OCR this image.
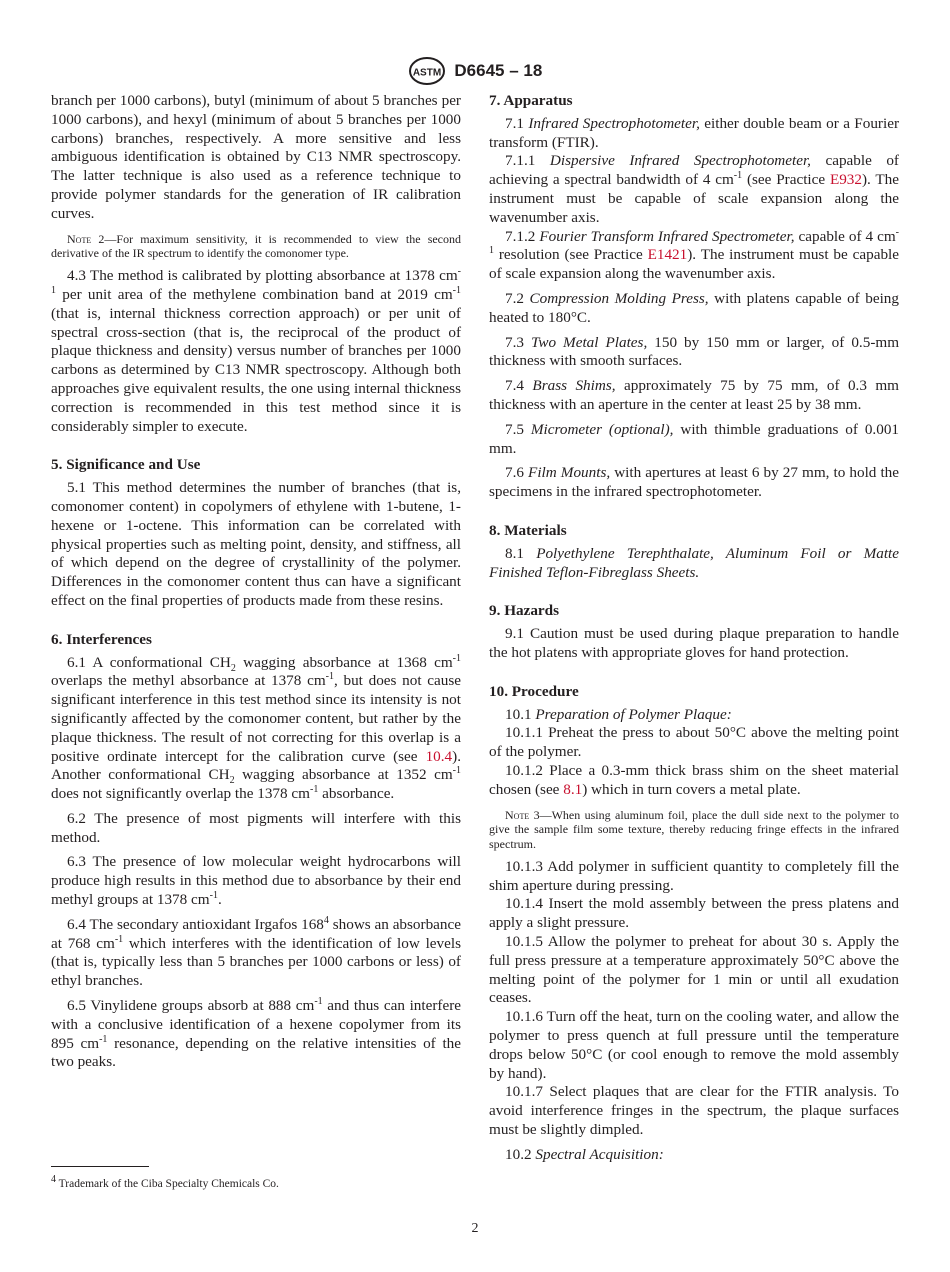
ASTM D6645 – 18

branch per 1000 carbons), butyl (minimum of about 5 branches per 1000 carbons), and hexyl (minimum of about 5 branches per 1000 carbons) branches, respectively. A more sensitive and less ambiguous identification is obtained by C13 NMR spectroscopy. The latter technique is also used as a reference technique to provide polymer standards for the generation of IR calibration curves.

Note 2—For maximum sensitivity, it is recommended to view the second derivative of the IR spectrum to identify the comonomer type.

4.3 The method is calibrated by plotting absorbance at 1378 $cm^{-1}$ per unit area of the methylene combination band at 2019 $cm^{-1}$ (that is, internal thickness correction approach) or per unit of spectral cross-section (that is, the reciprocal of the product of plaque thickness and density) versus number of branches per 1000 carbons as determined by C13 NMR spectroscopy. Although both approaches give equivalent results, the one using internal thickness correction is recommended in this test method since it is considerably simpler to execute.

5. Significance and Use

5.1 This method determines the number of branches (that is, comonomer content) in copolymers of ethylene with 1-butene, 1-hexene or 1-octene. This information can be correlated with physical properties such as melting point, density, and stiffness, all of which depend on the degree of crystallinity of the polymer. Differences in the comonomer content thus can have a significant effect on the final properties of products made from these resins.

6. Interferences

6.1 A conformational $CH_2$ wagging absorbance at 1368 $cm^{-1}$ overlaps the methyl absorbance at 1378 $cm^{-1}$, but does not cause significant interference in this test method since its intensity is not significantly affected by the comonomer content, but rather by the plaque thickness. The result of not correcting for this overlap is a positive ordinate intercept for the calibration curve (see 10.4). Another conformational $CH_2$ wagging absorbance at 1352 $cm^{-1}$ does not significantly overlap the 1378 $cm^{-1}$ absorbance.

6.2 The presence of most pigments will interfere with this method.

6.3 The presence of low molecular weight hydrocarbons will produce high results in this method due to absorbance by their end methyl groups at 1378 $cm^{-1}$.

6.4 The secondary antioxidant Irgafos $168^4$ shows an absorbance at 768 $cm^{-1}$ which interferes with the identification of low levels (that is, typically less than 5 branches per 1000 carbons or less) of ethyl branches.

6.5 Vinylidene groups absorb at 888 $cm^{-1}$ and thus can interfere with a conclusive identification of a hexene copolymer from its 895 $cm^{-1}$ resonance, depending on the relative intensities of the two peaks.

7. Apparatus

7.1 Infrared Spectrophotometer, either double beam or a Fourier transform (FTIR).

7.1.1 Dispersive Infrared Spectrophotometer, capable of achieving a spectral bandwidth of 4 $cm^{-1}$ (see Practice E932). The instrument must be capable of scale expansion along the wavenumber axis.

7.1.2 Fourier Transform Infrared Spectrometer, capable of 4 $cm^{-1}$ resolution (see Practice E1421). The instrument must be capable of scale expansion along the wavenumber axis.

7.2 Compression Molding Press, with platens capable of being heated to 180°C.

7.3 Two Metal Plates, 150 by 150 mm or larger, of 0.5-mm thickness with smooth surfaces.

7.4 Brass Shims, approximately 75 by 75 mm, of 0.3 mm thickness with an aperture in the center at least 25 by 38 mm.

7.5 Micrometer (optional), with thimble graduations of 0.001 mm.

7.6 Film Mounts, with apertures at least 6 by 27 mm, to hold the specimens in the infrared spectrophotometer.

8. Materials

8.1 Polyethylene Terephthalate, Aluminum Foil or Matte Finished Teflon-Fibreglass Sheets.

9. Hazards

9.1 Caution must be used during plaque preparation to handle the hot platens with appropriate gloves for hand protection.

10. Procedure

10.1 Preparation of Polymer Plaque:

10.1.1 Preheat the press to about 50°C above the melting point of the polymer.

10.1.2 Place a 0.3-mm thick brass shim on the sheet material chosen (see 8.1) which in turn covers a metal plate.

Note 3—When using aluminum foil, place the dull side next to the polymer to give the sample film some texture, thereby reducing fringe effects in the infrared spectrum.

10.1.3 Add polymer in sufficient quantity to completely fill the shim aperture during pressing.

10.1.4 Insert the mold assembly between the press platens and apply a slight pressure.

10.1.5 Allow the polymer to preheat for about 30 s. Apply the full press pressure at a temperature approximately 50°C above the melting point of the polymer for 1 min or until all exudation ceases.

10.1.6 Turn off the heat, turn on the cooling water, and allow the polymer to press quench at full pressure until the temperature drops below 50°C (or cool enough to remove the mold assembly by hand).

10.1.7 Select plaques that are clear for the FTIR analysis. To avoid interference fringes in the spectrum, the plaque surfaces must be slightly dimpled.

10.2 Spectral Acquisition:

$^4$ Trademark of the Ciba Specialty Chemicals Co.
2
